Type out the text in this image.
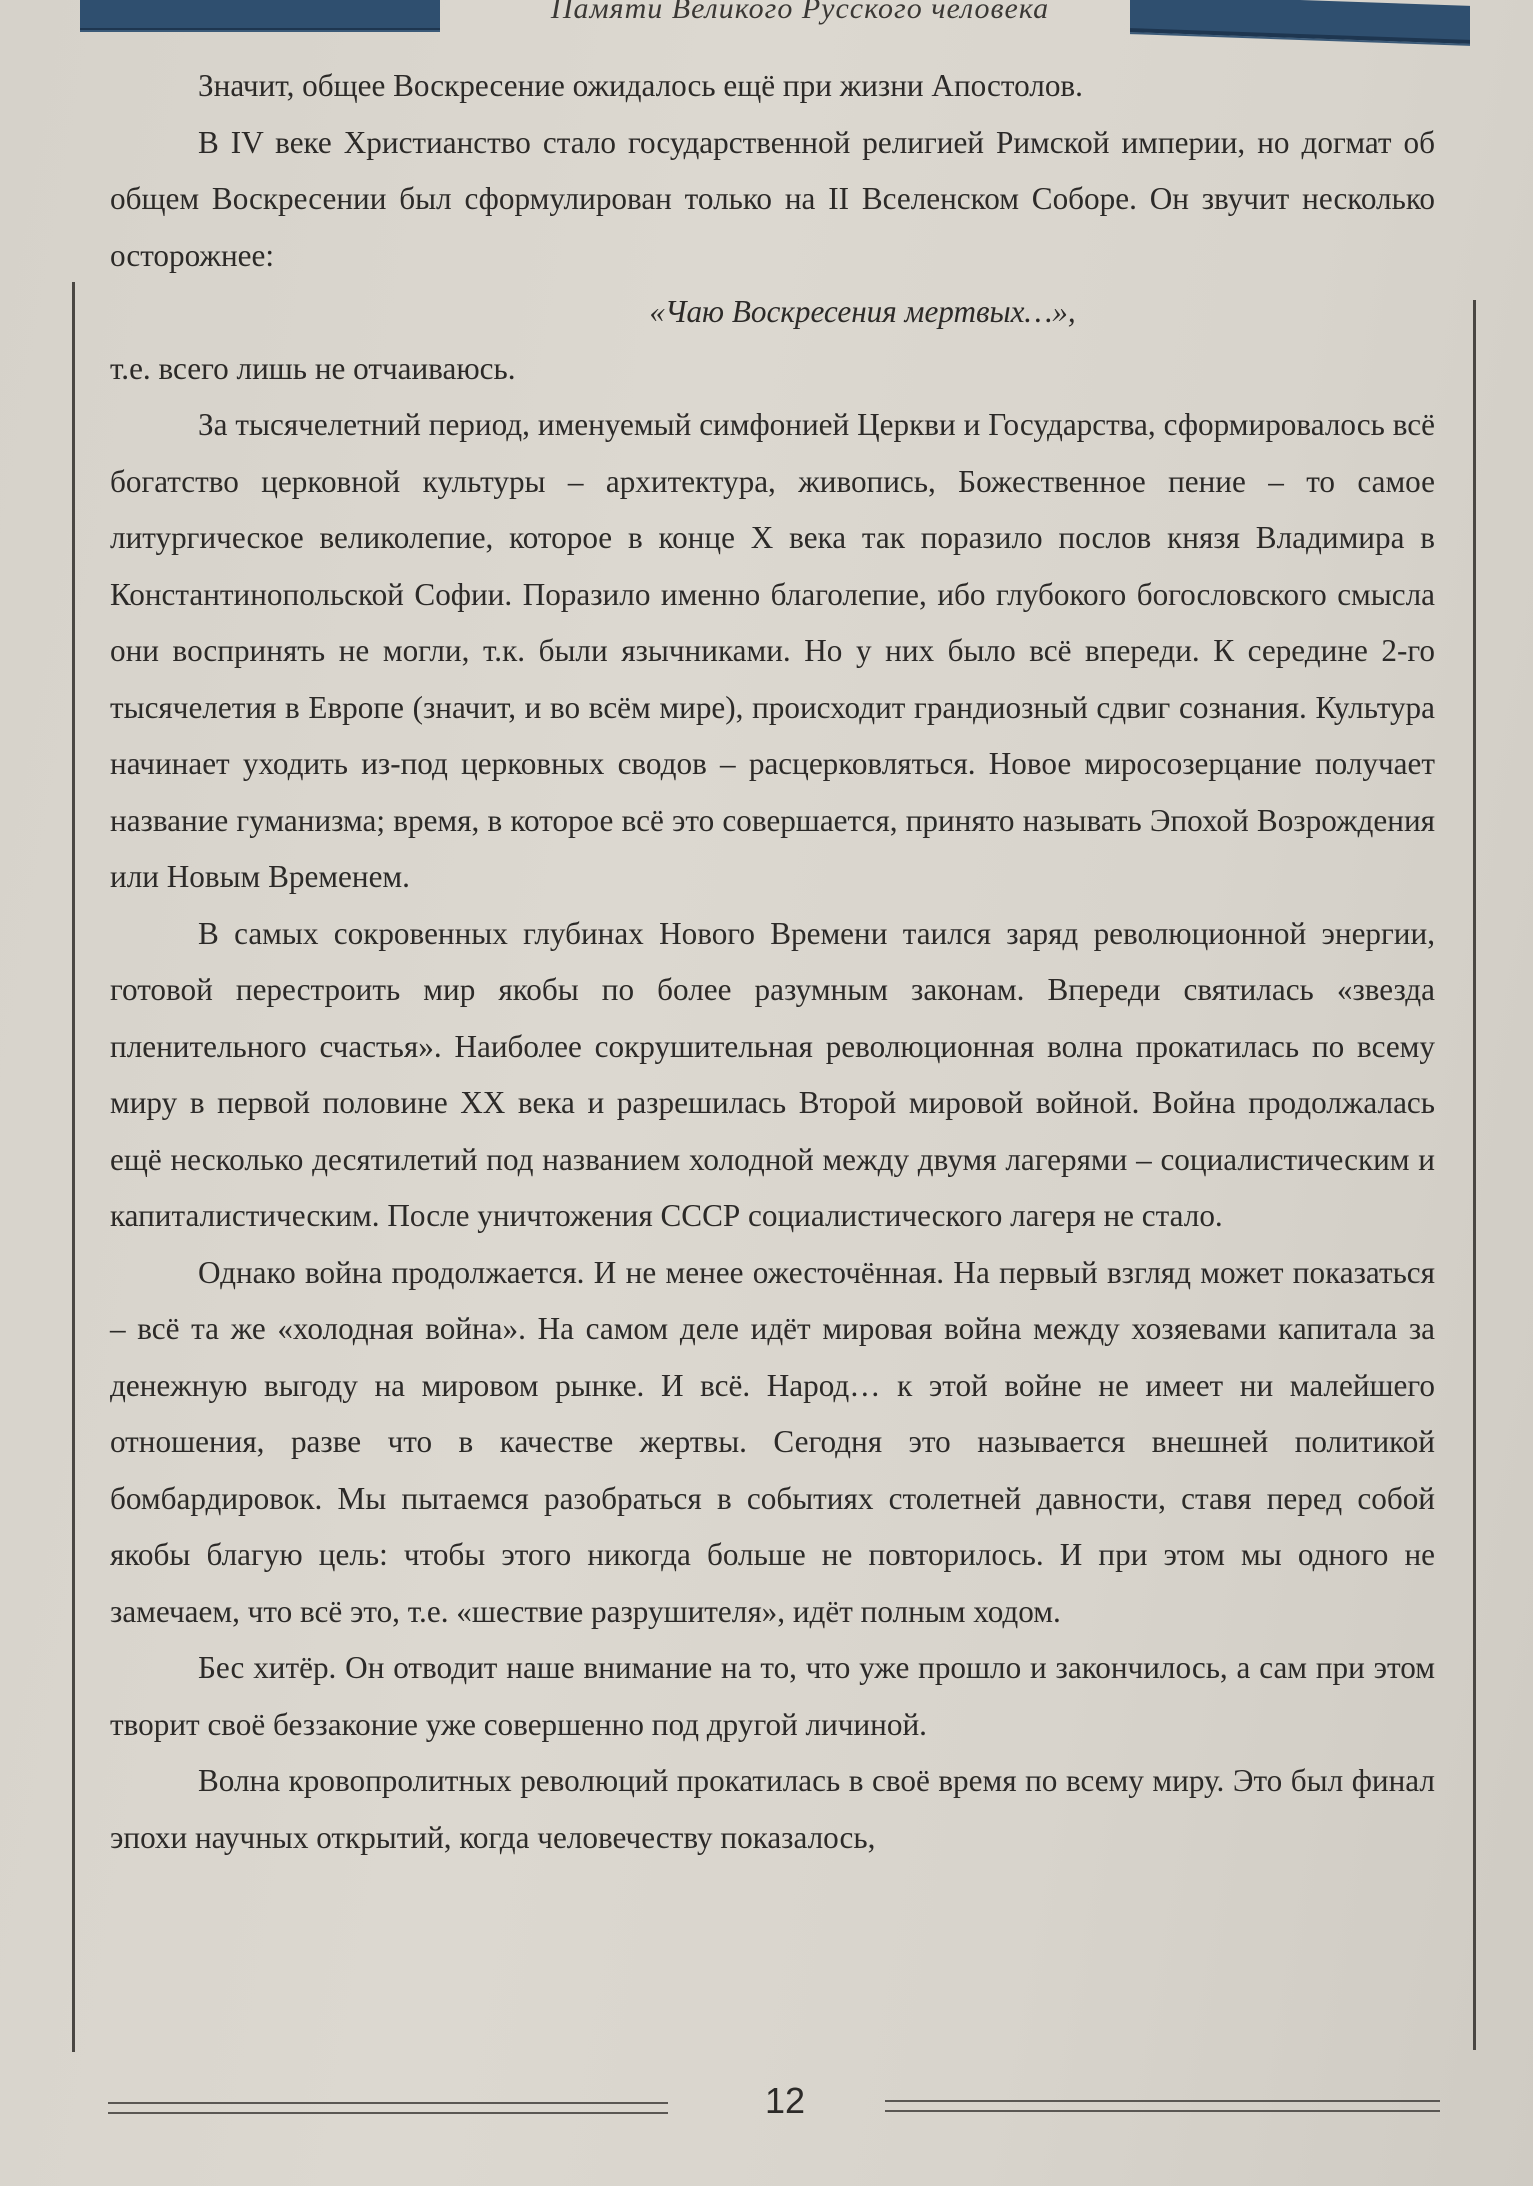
Памяти Великого Русского человека

Значит, общее Воскресение ожидалось ещё при жизни Апостолов.

В IV веке Христианство стало государственной религией Римской империи, но догмат об общем Воскресении был сформулирован только на II Вселенском Соборе. Он звучит несколько осторожнее:

«Чаю Воскресения мертвых…»,

т.е. всего лишь не отчаиваюсь.

За тысячелетний период, именуемый симфонией Церкви и Государства, сформировалось всё богатство церковной культуры – архитектура, живопись, Божественное пение – то самое литургическое великолепие, которое в конце X века так поразило послов князя Владимира в Константинопольской Софии. Поразило именно благолепие, ибо глубокого богословского смысла они воспринять не могли, т.к. были язычниками. Но у них было всё впереди. К середине 2-го тысячелетия в Европе (значит, и во всём мире), происходит грандиозный сдвиг сознания. Культура начинает уходить из-под церковных сводов – расцерковляться. Новое миросозерцание получает название гуманизма; время, в которое всё это совершается, принято называть Эпохой Возрождения или Новым Временем.

В самых сокровенных глубинах Нового Времени таился заряд революционной энергии, готовой перестроить мир якобы по более разумным законам. Впереди святилась «звезда пленительного счастья». Наиболее сокрушительная революционная волна прокатилась по всему миру в первой половине XX века и разрешилась Второй мировой войной. Война продолжалась ещё несколько десятилетий под названием холодной между двумя лагерями – социалистическим и капиталистическим. После уничтожения СССР социалистического лагеря не стало.

Однако война продолжается. И не менее ожесточённая. На первый взгляд может показаться – всё та же «холодная война». На самом деле идёт мировая война между хозяевами капитала за денежную выгоду на мировом рынке. И всё. Народ… к этой войне не имеет ни малейшего отношения, разве что в качестве жертвы. Сегодня это называется внешней политикой бомбардировок. Мы пытаемся разобраться в событиях столетней давности, ставя перед собой якобы благую цель: чтобы этого никогда больше не повторилось. И при этом мы одного не замечаем, что всё это, т.е. «шествие разрушителя», идёт полным ходом.

Бес хитёр. Он отводит наше внимание на то, что уже прошло и закончилось, а сам при этом творит своё беззаконие уже совершенно под другой личиной.

Волна кровопролитных революций прокатилась в своё время по всему миру. Это был финал эпохи научных открытий, когда человечеству показалось,

12
